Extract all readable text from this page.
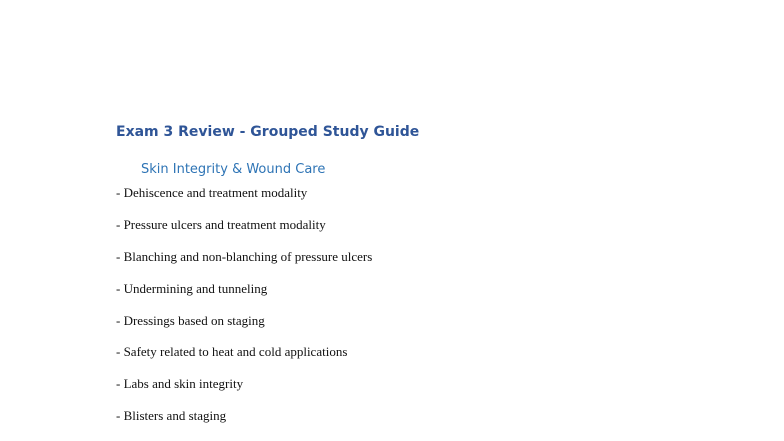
Exam 3 Review - Grouped Study Guide
Skin Integrity & Wound Care
- Dehiscence and treatment modality
- Pressure ulcers and treatment modality
- Blanching and non-blanching of pressure ulcers
- Undermining and tunneling
- Dressings based on staging
- Safety related to heat and cold applications
- Labs and skin integrity
- Blisters and staging
